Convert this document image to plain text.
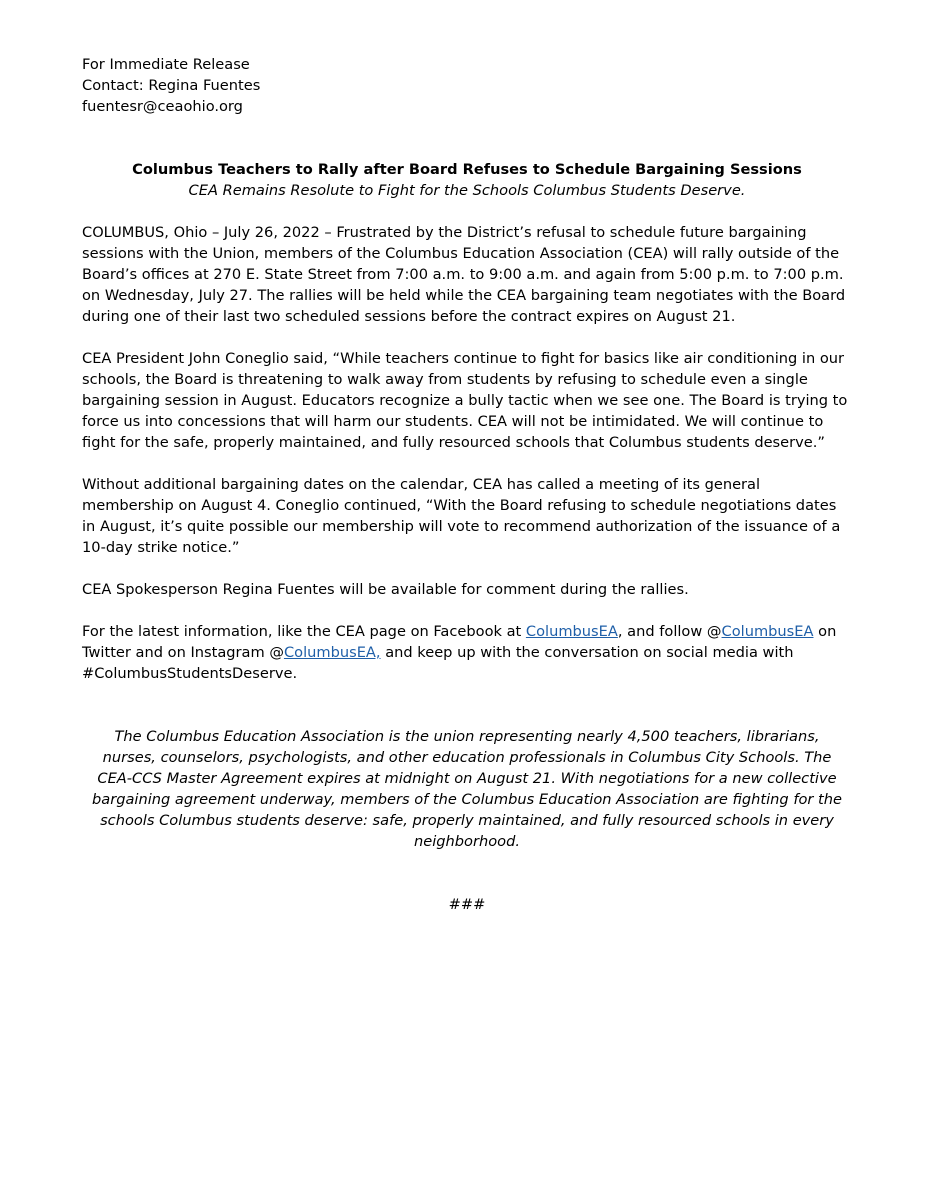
For Immediate Release
Contact: Regina Fuentes
fuentesr@ceaohio.org
Columbus Teachers to Rally after Board Refuses to Schedule Bargaining Sessions
CEA Remains Resolute to Fight for the Schools Columbus Students Deserve.

COLUMBUS, Ohio – July 26, 2022 – Frustrated by the District’s refusal to schedule future bargaining sessions with the Union, members of the Columbus Education Association (CEA) will rally outside of the Board’s offices at 270 E. State Street from 7:00 a.m. to 9:00 a.m. and again from 5:00 p.m. to 7:00 p.m. on Wednesday, July 27. The rallies will be held while the CEA bargaining team negotiates with the Board during one of their last two scheduled sessions before the contract expires on August 21.

CEA President John Coneglio said, “While teachers continue to fight for basics like air conditioning in our schools, the Board is threatening to walk away from students by refusing to schedule even a single bargaining session in August. Educators recognize a bully tactic when we see one. The Board is trying to force us into concessions that will harm our students. CEA will not be intimidated. We will continue to fight for the safe, properly maintained, and fully resourced schools that Columbus students deserve.”

Without additional bargaining dates on the calendar, CEA has called a meeting of its general membership on August 4. Coneglio continued, “With the Board refusing to schedule negotiations dates in August, it’s quite possible our membership will vote to recommend authorization of the issuance of a 10-day strike notice.”

CEA Spokesperson Regina Fuentes will be available for comment during the rallies.

For the latest information, like the CEA page on Facebook at ColumbusEA, and follow @ColumbusEA on Twitter and on Instagram @ColumbusEA, and keep up with the conversation on social media with #ColumbusStudentsDeserve.

The Columbus Education Association is the union representing nearly 4,500 teachers, librarians, nurses, counselors, psychologists, and other education professionals in Columbus City Schools. The CEA-CCS Master Agreement expires at midnight on August 21. With negotiations for a new collective bargaining agreement underway, members of the Columbus Education Association are fighting for the schools Columbus students deserve: safe, properly maintained, and fully resourced schools in every neighborhood.
###
